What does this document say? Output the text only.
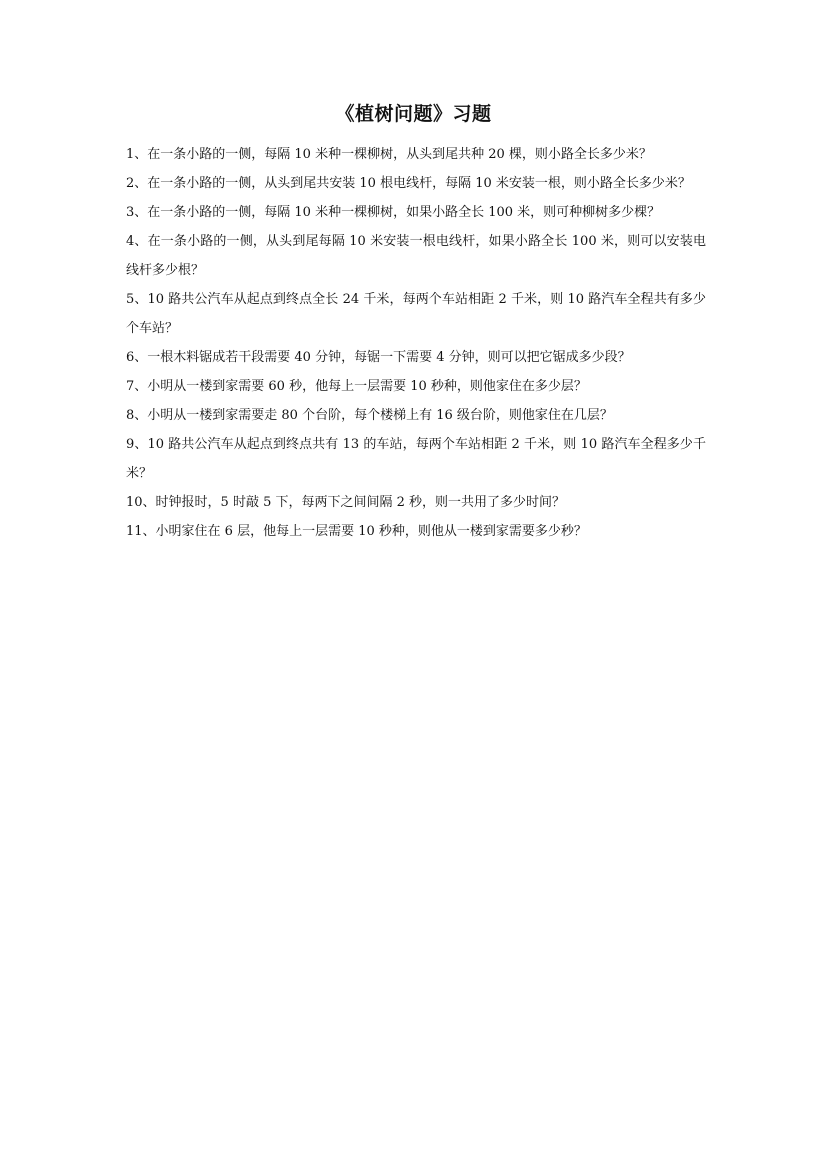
《植树问题》习题
1、在一条小路的一侧，每隔 10 米种一棵柳树，从头到尾共种 20 棵，则小路全长多少米？
2、在一条小路的一侧，从头到尾共安装 10 根电线杆，每隔 10 米安装一根，则小路全长多少米？
3、在一条小路的一侧，每隔 10 米种一棵柳树，如果小路全长 100 米，则可种柳树多少棵？
4、在一条小路的一侧，从头到尾每隔 10 米安装一根电线杆，如果小路全长 100 米，则可以安装电线杆多少根？
5、10 路共公汽车从起点到终点全长 24 千米，每两个车站相距 2 千米，则 10 路汽车全程共有多少个车站？
6、一根木料锯成若干段需要 40 分钟，每锯一下需要 4 分钟，则可以把它锯成多少段？
7、小明从一楼到家需要 60 秒，他每上一层需要 10 秒种，则他家住在多少层？
8、小明从一楼到家需要走 80 个台阶，每个楼梯上有 16 级台阶，则他家住在几层？
9、10 路共公汽车从起点到终点共有 13 的车站，每两个车站相距 2 千米，则 10 路汽车全程多少千米？
10、时钟报时，5 时敲 5 下，每两下之间间隔 2 秒，则一共用了多少时间？
11、小明家住在 6 层，他每上一层需要 10 秒种，则他从一楼到家需要多少秒？
